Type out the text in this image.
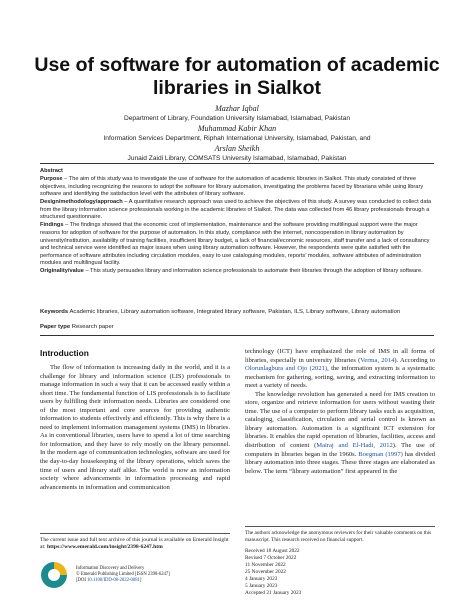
Use of software for automation of academic libraries in Sialkot
Mazhar Iqbal
Department of Library, Foundation University Islamabad, Islamabad, Pakistan
Muhammad Kabir Khan
Information Services Department, Riphah International University, Islamabad, Pakistan, and
Arslan Sheikh
Junaid Zaidi Library, COMSATS University Islamabad, Islamabad, Pakistan

Abstract

Purpose – The aim of this study was to investigate the use of software for the automation of academic libraries in Sialkot. This study consisted of three objectives, including recognizing the reasons to adopt the software for library automation, investigating the problems faced by librarians while using library software and identifying the satisfaction level with the attributes of library software.

Design/methodology/approach – A quantitative research approach was used to achieve the objectives of this study. A survey was conducted to collect data from the library information science professionals working in the academic libraries of Sialkot. The data was collected from 46 library professionals through a structured questionnaire.

Findings – The findings showed that the economic cost of implementation, maintenance and the software providing multilingual support were the major reasons for adoption of software for the purpose of automation. In this study, compliance with the internet, noncooperation in library automation by university/institution, availability of training facilities, insufficient library budget, a lack of financial/economic resources, staff transfer and a lack of consultancy and technical service were identified as major issues when using library automation software. However, the respondents were quite satisfied with the performance of software attributes including circulation modules, easy to use cataloguing modules, reports’ modules, software attributes of administration modules and multilingual facility.

Originality/value – This study persuades library and information science professionals to automate their libraries through the adoption of library software.

Keywords Academic libraries, Library automation software, Integrated library software, Pakistan, ILS, Library software, Library automation
Paper type Research paper
Introduction

The flow of information is increasing daily in the world, and it is a challenge for library and information science (LIS) professionals to manage information in such a way that it can be accessed easily within a short time. The fundamental function of LIS professionals is to facilitate users by fulfilling their information needs. Libraries are considered one of the most important and core sources for providing authentic information to students effectively and efficiently. This is why there is a need to implement information management systems (IMS) in libraries. As in conventional libraries, users have to spend a lot of time searching for information, and they have to rely mostly on the library personnel. In the modern age of communication technologies, software are used for the day-to-day housekeeping of the library operations, which saves the time of users and library staff alike. The world is now an information society where advancements in information processing and rapid advancements in information and communication

technology (ICT) have emphasized the role of IMS in all forms of libraries, especially in university libraries (Verma, 2014). According to Olorunlagbura and Ojo (2021), the information system is a systematic mechanism for gathering, sorting, saving, and extracting information to meet a variety of needs.

The knowledge revolution has generated a need for IMS creation to store, organize and retrieve information for users without wasting their time. The use of a computer to perform library tasks such as acquisition, cataloging, classification, circulation and serial control is known as library automation. Automation is a significant ICT extension for libraries. It enables the rapid operation of libraries, facilities, access and distribution of content (Mairaj and El-Hadi, 2012). The use of computers in libraries began in the 1960s. Boegman (1997) has divided library automation into three stages. These three stages are elaborated as below. The term “library automation” first appeared in the

The current issue and full text archive of this journal is available on Emerald Insight at: https://www.emerald.com/insight/2398-6247.htm
The authors acknowledge the anonymous reviewers for their valuable comments on this manuscript. This research received no financial support.
Received 18 August 2022
Revised 7 October 2022
11 November 2022
25 November 2022
4 January 2023
5 January 2023
Accepted 21 January 2023
Information Discovery and Delivery
© Emerald Publishing Limited [ISSN 2398-6247]
[DOI 10.1108/IDD-08-2022-0081]
